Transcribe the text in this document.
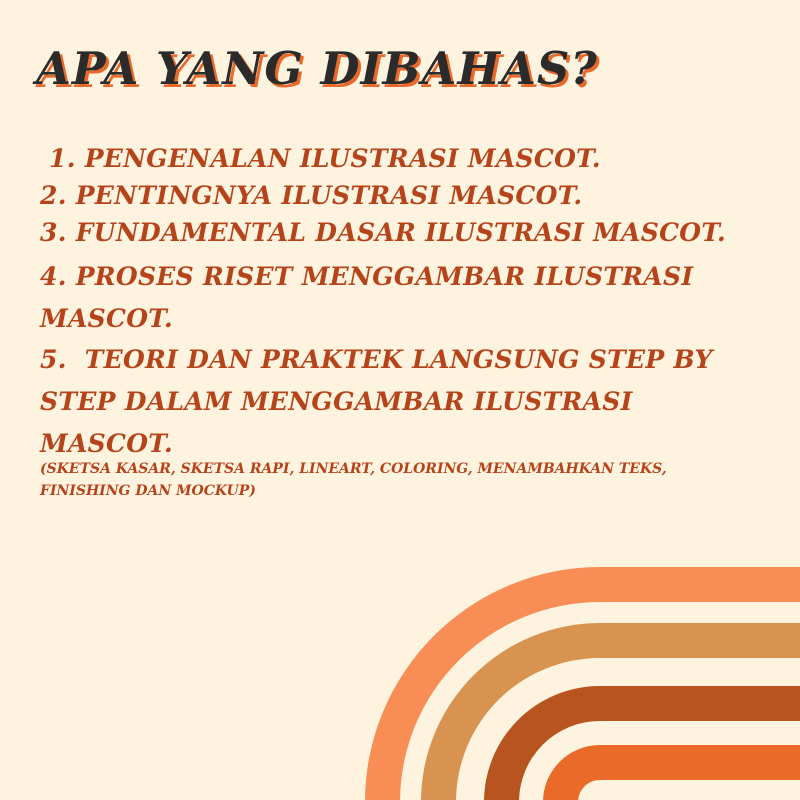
APA YANG DIBAHAS?
1. PENGENALAN ILUSTRASI MASCOT.
2. PENTINGNYA ILUSTRASI MASCOT.
3. FUNDAMENTAL DASAR ILUSTRASI MASCOT.
4. PROSES RISET MENGGAMBAR ILUSTRASI
MASCOT.
5.  TEORI DAN PRAKTEK LANGSUNG STEP BY
STEP DALAM MENGGAMBAR ILUSTRASI
MASCOT.

(SKETSA KASAR, SKETSA RAPI, LINEART, COLORING, MENAMBAHKAN TEKS, FINISHING DAN MOCKUP)
